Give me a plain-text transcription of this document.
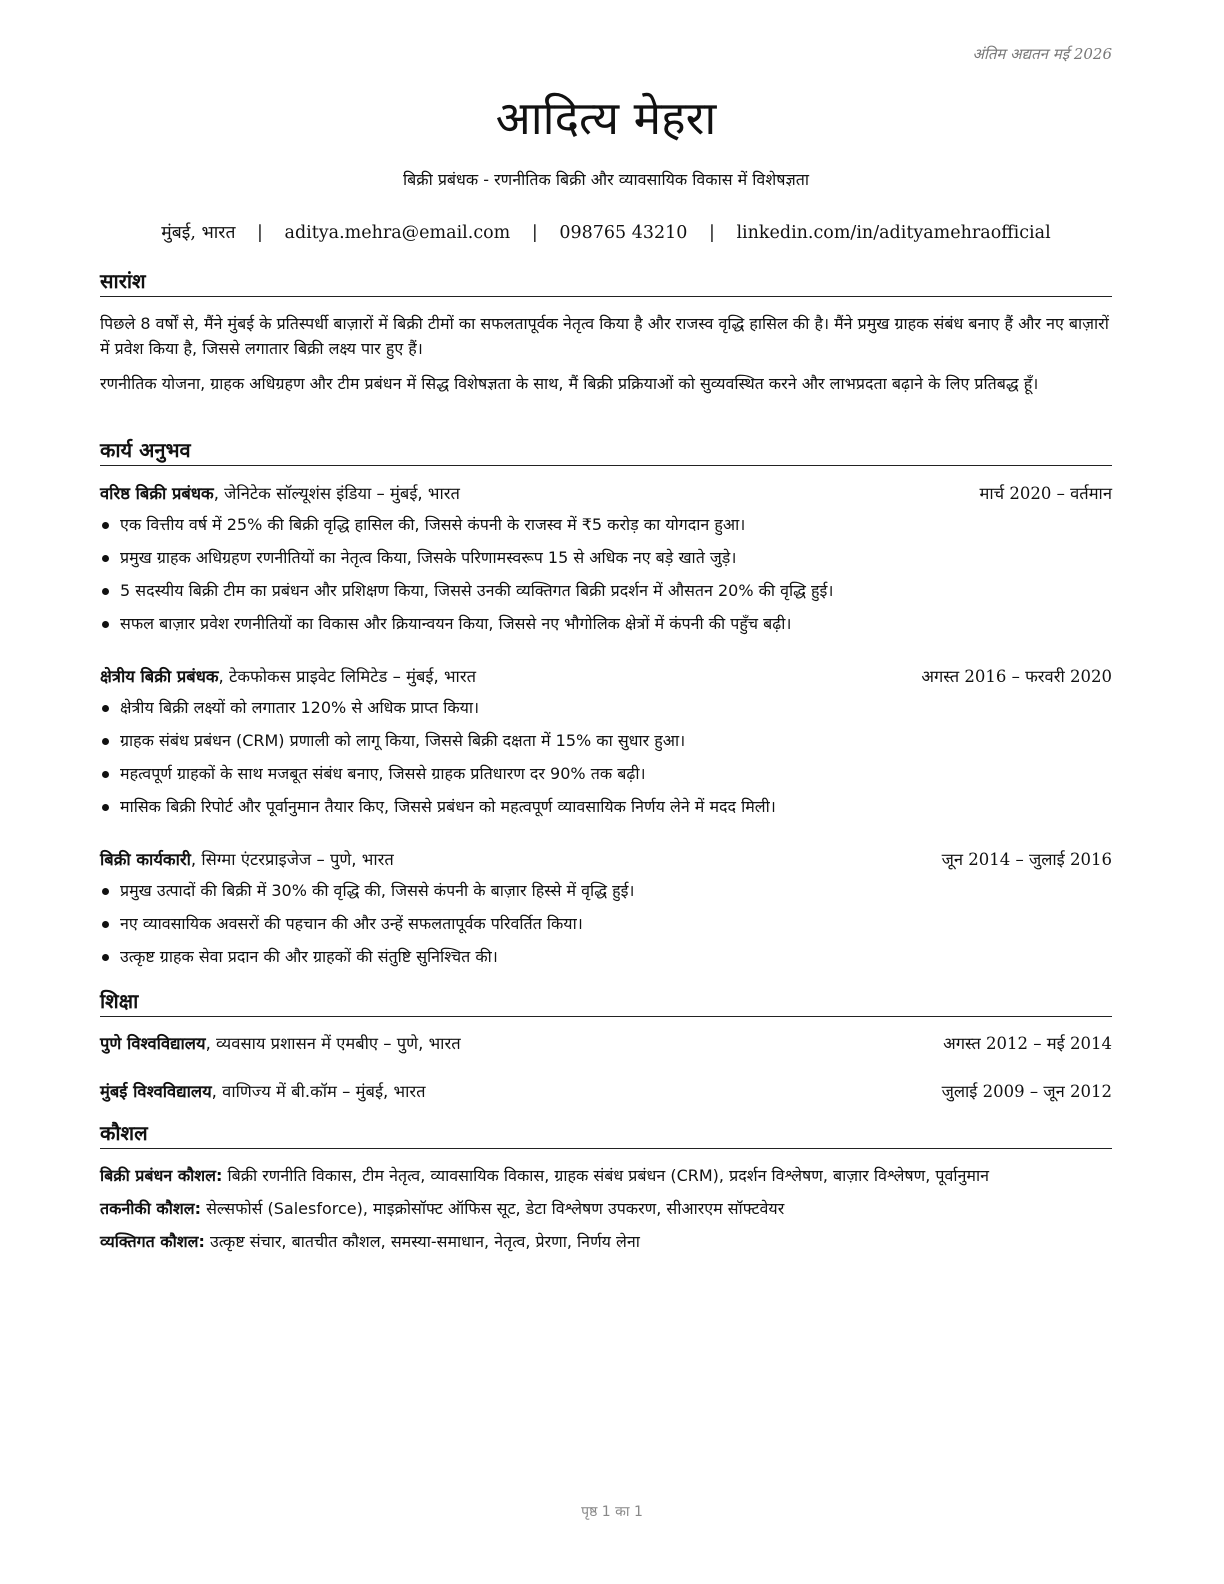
अंतिम अद्यतन मई 2026
आदित्य मेहरा
बिक्री प्रबंधक - रणनीतिक बिक्री और व्यावसायिक विकास में विशेषज्ञता
मुंबई, भारत | aditya.mehra@email.com | 098765 43210 | linkedin.com/in/adityamehraofficial
सारांश

पिछले 8 वर्षों से, मैंने मुंबई के प्रतिस्पर्धी बाज़ारों में बिक्री टीमों का सफलतापूर्वक नेतृत्व किया है और राजस्व वृद्धि हासिल की है। मैंने प्रमुख ग्राहक संबंध बनाए हैं और नए बाज़ारों में प्रवेश किया है, जिससे लगातार बिक्री लक्ष्य पार हुए हैं।

रणनीतिक योजना, ग्राहक अधिग्रहण और टीम प्रबंधन में सिद्ध विशेषज्ञता के साथ, मैं बिक्री प्रक्रियाओं को सुव्यवस्थित करने और लाभप्रदता बढ़ाने के लिए प्रतिबद्ध हूँ।

कार्य अनुभव
वरिष्ठ बिक्री प्रबंधक, जेनिटेक सॉल्यूशंस इंडिया – मुंबई, भारत	मार्च 2020 – वर्तमान
एक वित्तीय वर्ष में 25% की बिक्री वृद्धि हासिल की, जिससे कंपनी के राजस्व में ₹5 करोड़ का योगदान हुआ।
प्रमुख ग्राहक अधिग्रहण रणनीतियों का नेतृत्व किया, जिसके परिणामस्वरूप 15 से अधिक नए बड़े खाते जुड़े।
5 सदस्यीय बिक्री टीम का प्रबंधन और प्रशिक्षण किया, जिससे उनकी व्यक्तिगत बिक्री प्रदर्शन में औसतन 20% की वृद्धि हुई।
सफल बाज़ार प्रवेश रणनीतियों का विकास और क्रियान्वयन किया, जिससे नए भौगोलिक क्षेत्रों में कंपनी की पहुँच बढ़ी।
क्षेत्रीय बिक्री प्रबंधक, टेकफोकस प्राइवेट लिमिटेड – मुंबई, भारत	अगस्त 2016 – फरवरी 2020
क्षेत्रीय बिक्री लक्ष्यों को लगातार 120% से अधिक प्राप्त किया।
ग्राहक संबंध प्रबंधन (CRM) प्रणाली को लागू किया, जिससे बिक्री दक्षता में 15% का सुधार हुआ।
महत्वपूर्ण ग्राहकों के साथ मजबूत संबंध बनाए, जिससे ग्राहक प्रतिधारण दर 90% तक बढ़ी।
मासिक बिक्री रिपोर्ट और पूर्वानुमान तैयार किए, जिससे प्रबंधन को महत्वपूर्ण व्यावसायिक निर्णय लेने में मदद मिली।
बिक्री कार्यकारी, सिग्मा एंटरप्राइजेज – पुणे, भारत	जून 2014 – जुलाई 2016
प्रमुख उत्पादों की बिक्री में 30% की वृद्धि की, जिससे कंपनी के बाज़ार हिस्से में वृद्धि हुई।
नए व्यावसायिक अवसरों की पहचान की और उन्हें सफलतापूर्वक परिवर्तित किया।
उत्कृष्ट ग्राहक सेवा प्रदान की और ग्राहकों की संतुष्टि सुनिश्चित की।
शिक्षा
पुणे विश्वविद्यालय, व्यवसाय प्रशासन में एमबीए – पुणे, भारत	अगस्त 2012 – मई 2014
मुंबई विश्वविद्यालय, वाणिज्य में बी.कॉम – मुंबई, भारत	जुलाई 2009 – जून 2012
कौशल
बिक्री प्रबंधन कौशल: बिक्री रणनीति विकास, टीम नेतृत्व, व्यावसायिक विकास, ग्राहक संबंध प्रबंधन (CRM), प्रदर्शन विश्लेषण, बाज़ार विश्लेषण, पूर्वानुमान
तकनीकी कौशल: सेल्सफोर्स (Salesforce), माइक्रोसॉफ्ट ऑफिस सूट, डेटा विश्लेषण उपकरण, सीआरएम सॉफ्टवेयर
व्यक्तिगत कौशल: उत्कृष्ट संचार, बातचीत कौशल, समस्या-समाधान, नेतृत्व, प्रेरणा, निर्णय लेना
पृष्ठ 1 का 1
